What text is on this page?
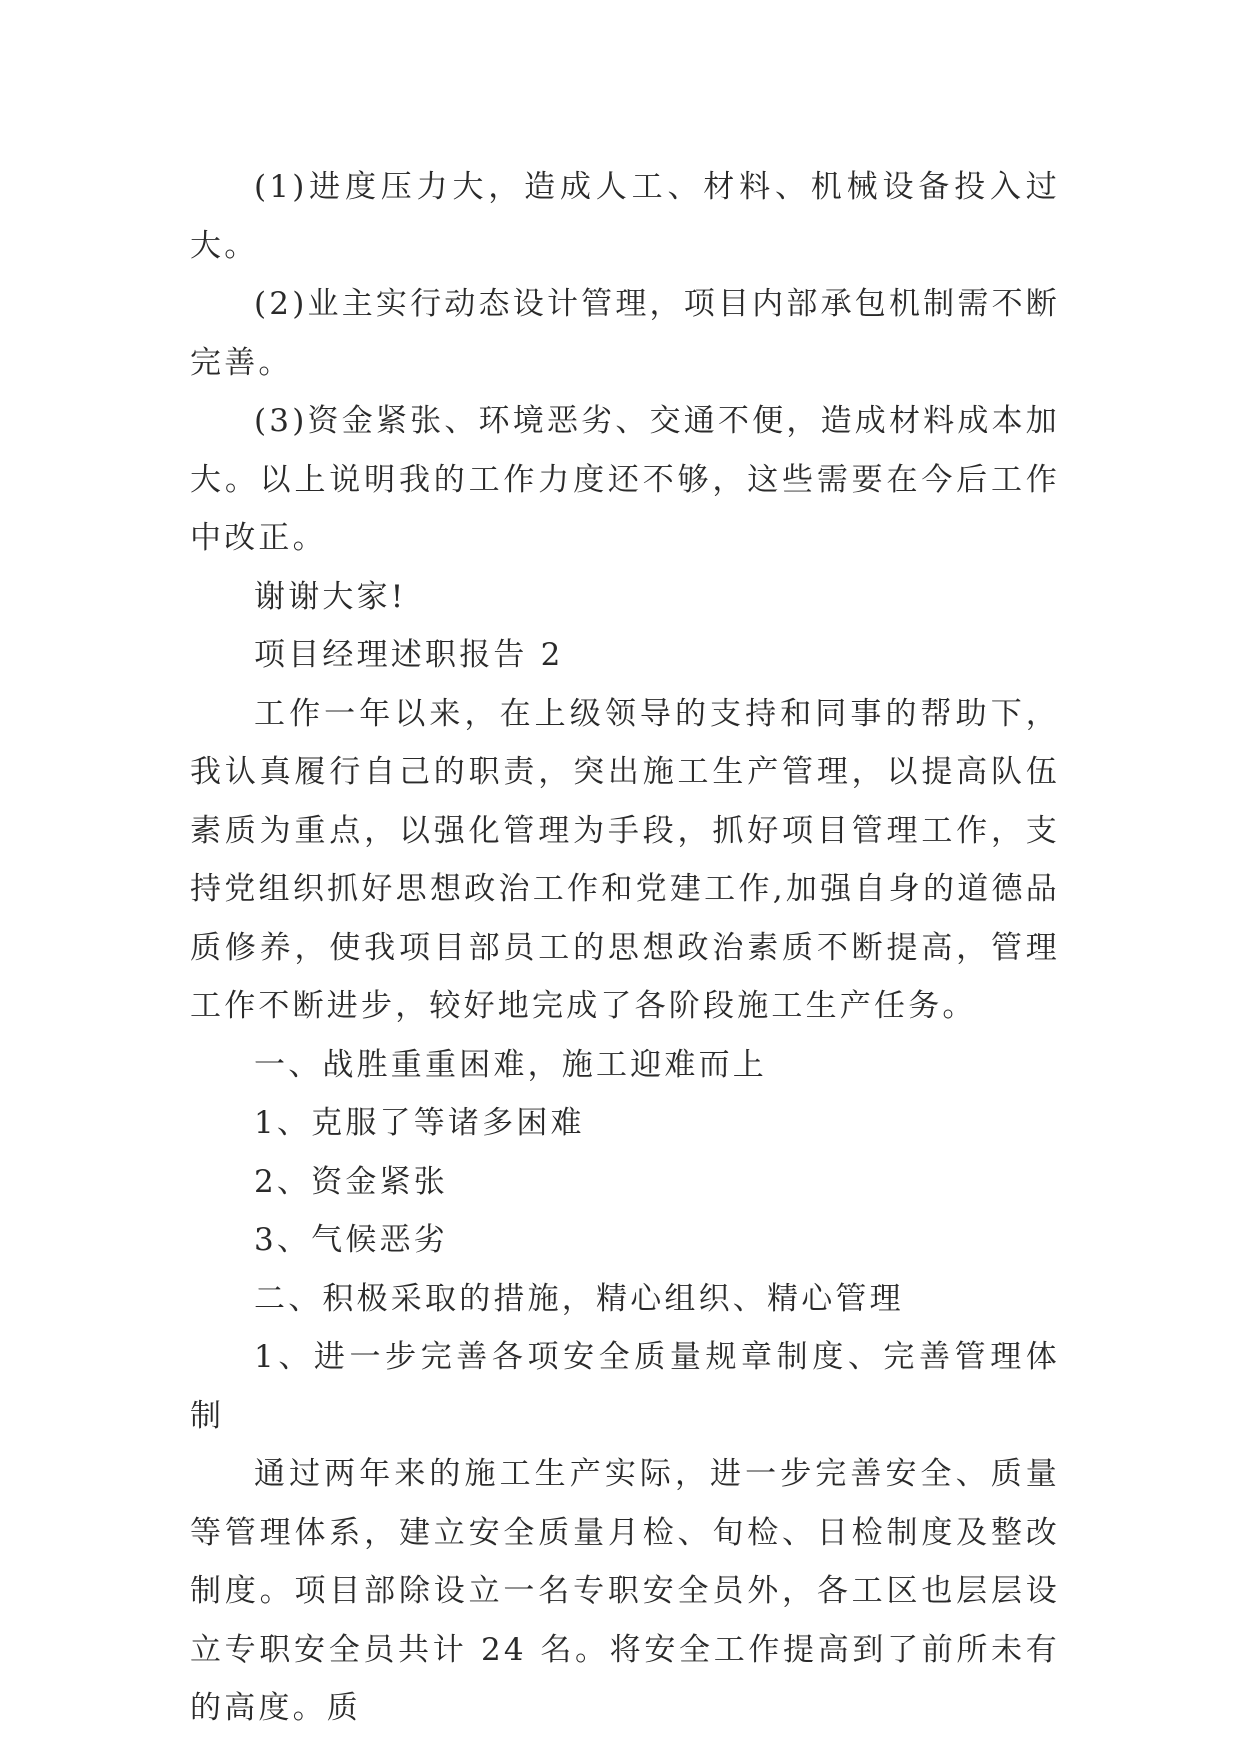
(1)进度压力大，造成人工、材料、机械设备投入过大。

(2)业主实行动态设计管理，项目内部承包机制需不断完善。

(3)资金紧张、环境恶劣、交通不便，造成材料成本加大。以上说明我的工作力度还不够，这些需要在今后工作中改正。

谢谢大家!

项目经理述职报告 2

工作一年以来，在上级领导的支持和同事的帮助下，我认真履行自己的职责，突出施工生产管理，以提高队伍素质为重点，以强化管理为手段，抓好项目管理工作，支持党组织抓好思想政治工作和党建工作,加强自身的道德品质修养，使我项目部员工的思想政治素质不断提高，管理工作不断进步，较好地完成了各阶段施工生产任务。

一、战胜重重困难，施工迎难而上

1、克服了等诸多困难

2、资金紧张

3、气候恶劣

二、积极采取的措施，精心组织、精心管理

1、进一步完善各项安全质量规章制度、完善管理体制

通过两年来的施工生产实际，进一步完善安全、质量等管理体系，建立安全质量月检、旬检、日检制度及整改制度。项目部除设立一名专职安全员外，各工区也层层设立专职安全员共计 24 名。将安全工作提高到了前所未有的高度。质
